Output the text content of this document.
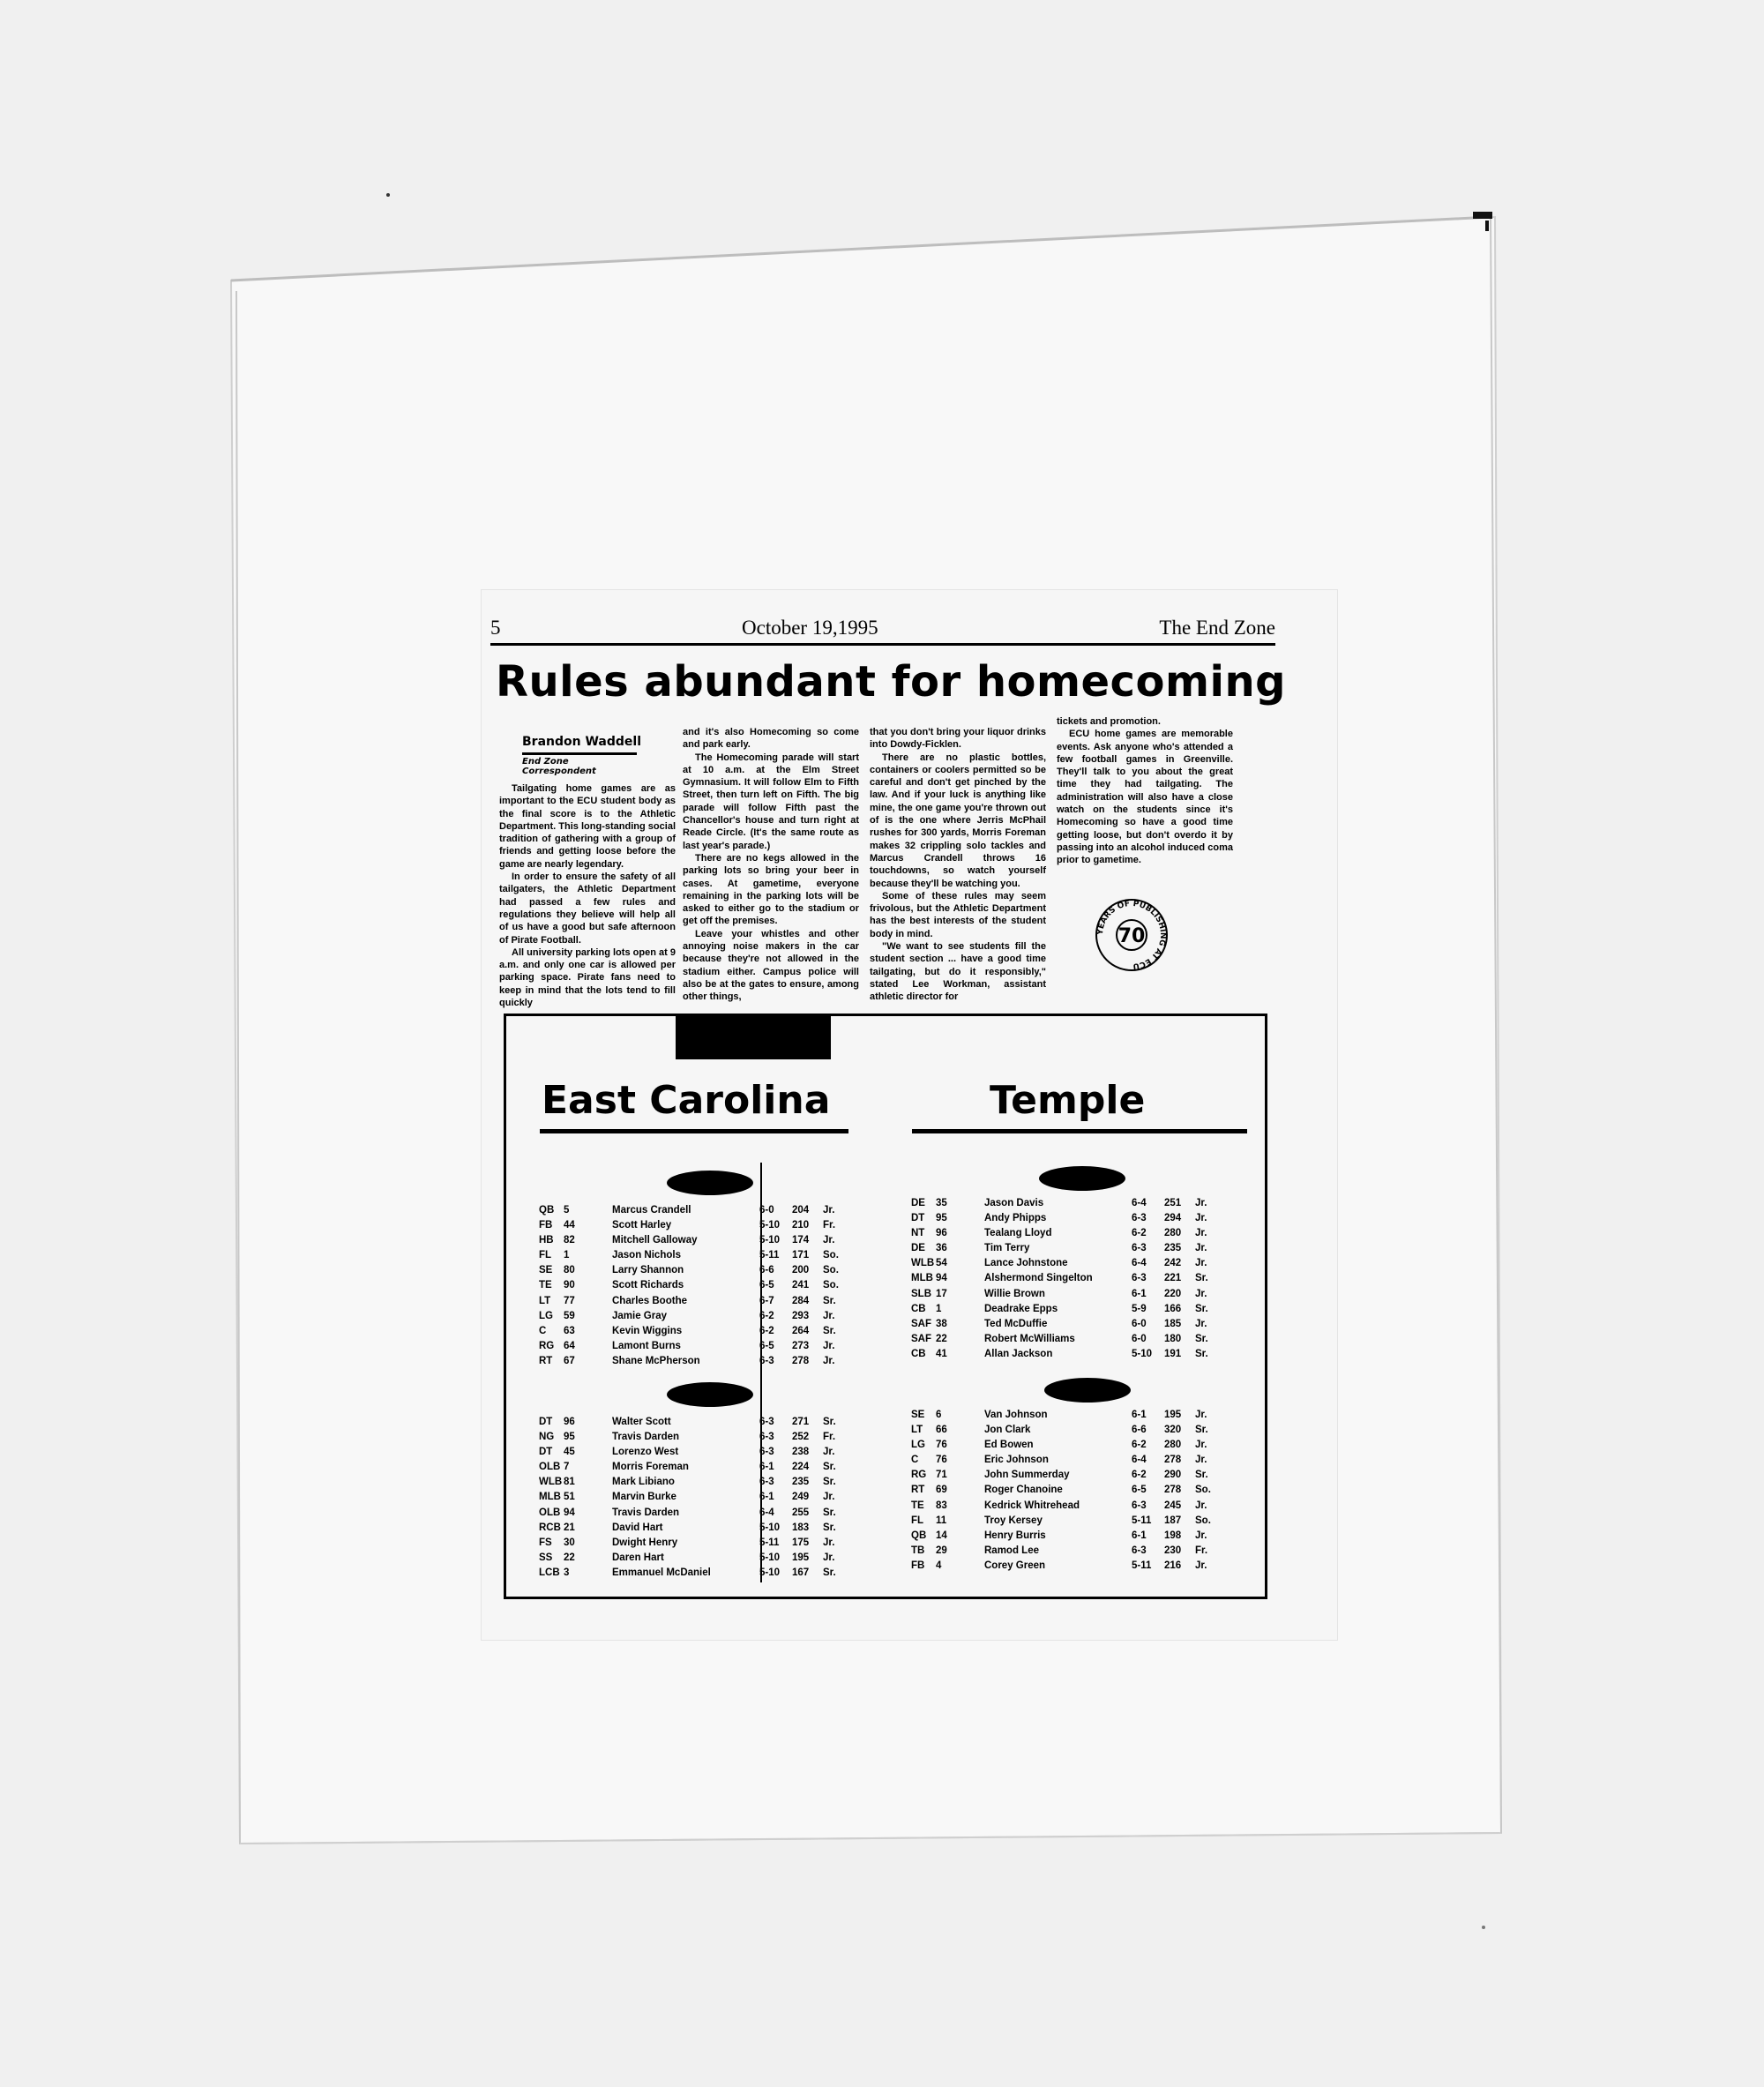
5	October 19,1995	The End Zone
Rules abundant for homecoming
Brandon Waddell
End Zone Correspondent

Tailgating home games are as important to the ECU student body as the final score is to the Athletic Department. This long-standing social tradition of gathering with a group of friends and getting loose before the game are nearly legendary.

In order to ensure the safety of all tailgaters, the Athletic Department had passed a few rules and regulations they believe will help all of us have a good but safe afternoon of Pirate Football.

All university parking lots open at 9 a.m. and only one car is allowed per parking space. Pirate fans need to keep in mind that the lots tend to fill quickly

and it's also Homecoming so come and park early.

The Homecoming parade will start at 10 a.m. at the Elm Street Gymnasium. It will follow Elm to Fifth Street, then turn left on Fifth. The big parade will follow Fifth past the Chancellor's house and turn right at Reade Circle. (It's the same route as last year's parade.)

There are no kegs allowed in the parking lots so bring your beer in cases. At gametime, everyone remaining in the parking lots will be asked to either go to the stadium or get off the premises.

Leave your whistles and other annoying noise makers in the car because they're not allowed in the stadium either. Campus police will also be at the gates to ensure, among other things,

that you don't bring your liquor drinks into Dowdy-Ficklen.

There are no plastic bottles, containers or coolers permitted so be careful and don't get pinched by the law. And if your luck is anything like mine, the one game you're thrown out of is the one where Jerris McPhail rushes for 300 yards, Morris Foreman makes 32 crippling solo tackles and Marcus Crandell throws 16 touchdowns, so watch yourself because they'll be watching you.

Some of these rules may seem frivolous, but the Athletic Department has the best interests of the student body in mind.

"We want to see students fill the student section ... have a good time tailgating, but do it responsibly," stated Lee Workman, assistant athletic director for

tickets and promotion.

ECU home games are memorable events. Ask anyone who's attended a few football games in Greenville. They'll talk to you about the great time they had tailgating. The administration will also have a close watch on the students since it's Homecoming so have a good time getting loose, but don't overdo it by passing into an alcohol induced coma prior to gametime.

YEARS OF PUBLISHING AT ECU
70
East Carolina	Temple
QB 5	Marcus Crandell	6-0 204 Jr.
FB 44	Scott Harley	5-10 210 Fr.
HB 82	Mitchell Galloway	5-10 174 Jr.
FL 1	Jason Nichols	5-11 171 So.
SE 80	Larry Shannon	6-6 200 So.
TE 90	Scott Richards	6-5 241 So.
LT 77	Charles Boothe	6-7 284 Sr.
LG 59	Jamie Gray	6-2 293 Jr.
C 63	Kevin Wiggins	6-2 264 Sr.
RG 64	Lamont Burns	6-5 273 Jr.
RT 67	Shane McPherson	6-3 278 Jr.
DT 96	Walter Scott	6-3 271 Sr.
NG 95	Travis Darden	6-3 252 Fr.
DT 45	Lorenzo West	6-3 238 Jr.
OLB 7	Morris Foreman	6-1 224 Sr.
WLB 81	Mark Libiano	6-3 235 Sr.
MLB 51	Marvin Burke	6-1 249 Jr.
OLB 94	Travis Darden	6-4 255 Sr.
RCB 21	David Hart	5-10 183 Sr.
FS 30	Dwight Henry	5-11 175 Jr.
SS 22	Daren Hart	5-10 195 Jr.
LCB 3	Emmanuel McDaniel	5-10 167 Sr.
DE 35	Jason Davis	6-4 251 Jr.
DT 95	Andy Phipps	6-3 294 Jr.
NT 96	Tealang Lloyd	6-2 280 Jr.
DE 36	Tim Terry	6-3 235 Jr.
WLB 54	Lance Johnstone	6-4 242 Jr.
MLB 94	Alshermond Singelton	6-3 221 Sr.
SLB 17	Willie Brown	6-1 220 Jr.
CB 1	Deadrake Epps	5-9 166 Sr.
SAF 38	Ted McDuffie	6-0 185 Jr.
SAF 22	Robert McWilliams	6-0 180 Sr.
CB 41	Allan Jackson	5-10 191 Sr.
SE 6	Van Johnson	6-1 195 Jr.
LT 66	Jon Clark	6-6 320 Sr.
LG 76	Ed Bowen	6-2 280 Jr.
C 76	Eric Johnson	6-4 278 Jr.
RG 71	John Summerday	6-2 290 Sr.
RT 69	Roger Chanoine	6-5 278 So.
TE 83	Kedrick Whitrehead	6-3 245 Jr.
FL 11	Troy Kersey	5-11 187 So.
QB 14	Henry Burris	6-1 198 Jr.
TB 29	Ramod Lee	6-3 230 Fr.
FB 4	Corey Green	5-11 216 Jr.
